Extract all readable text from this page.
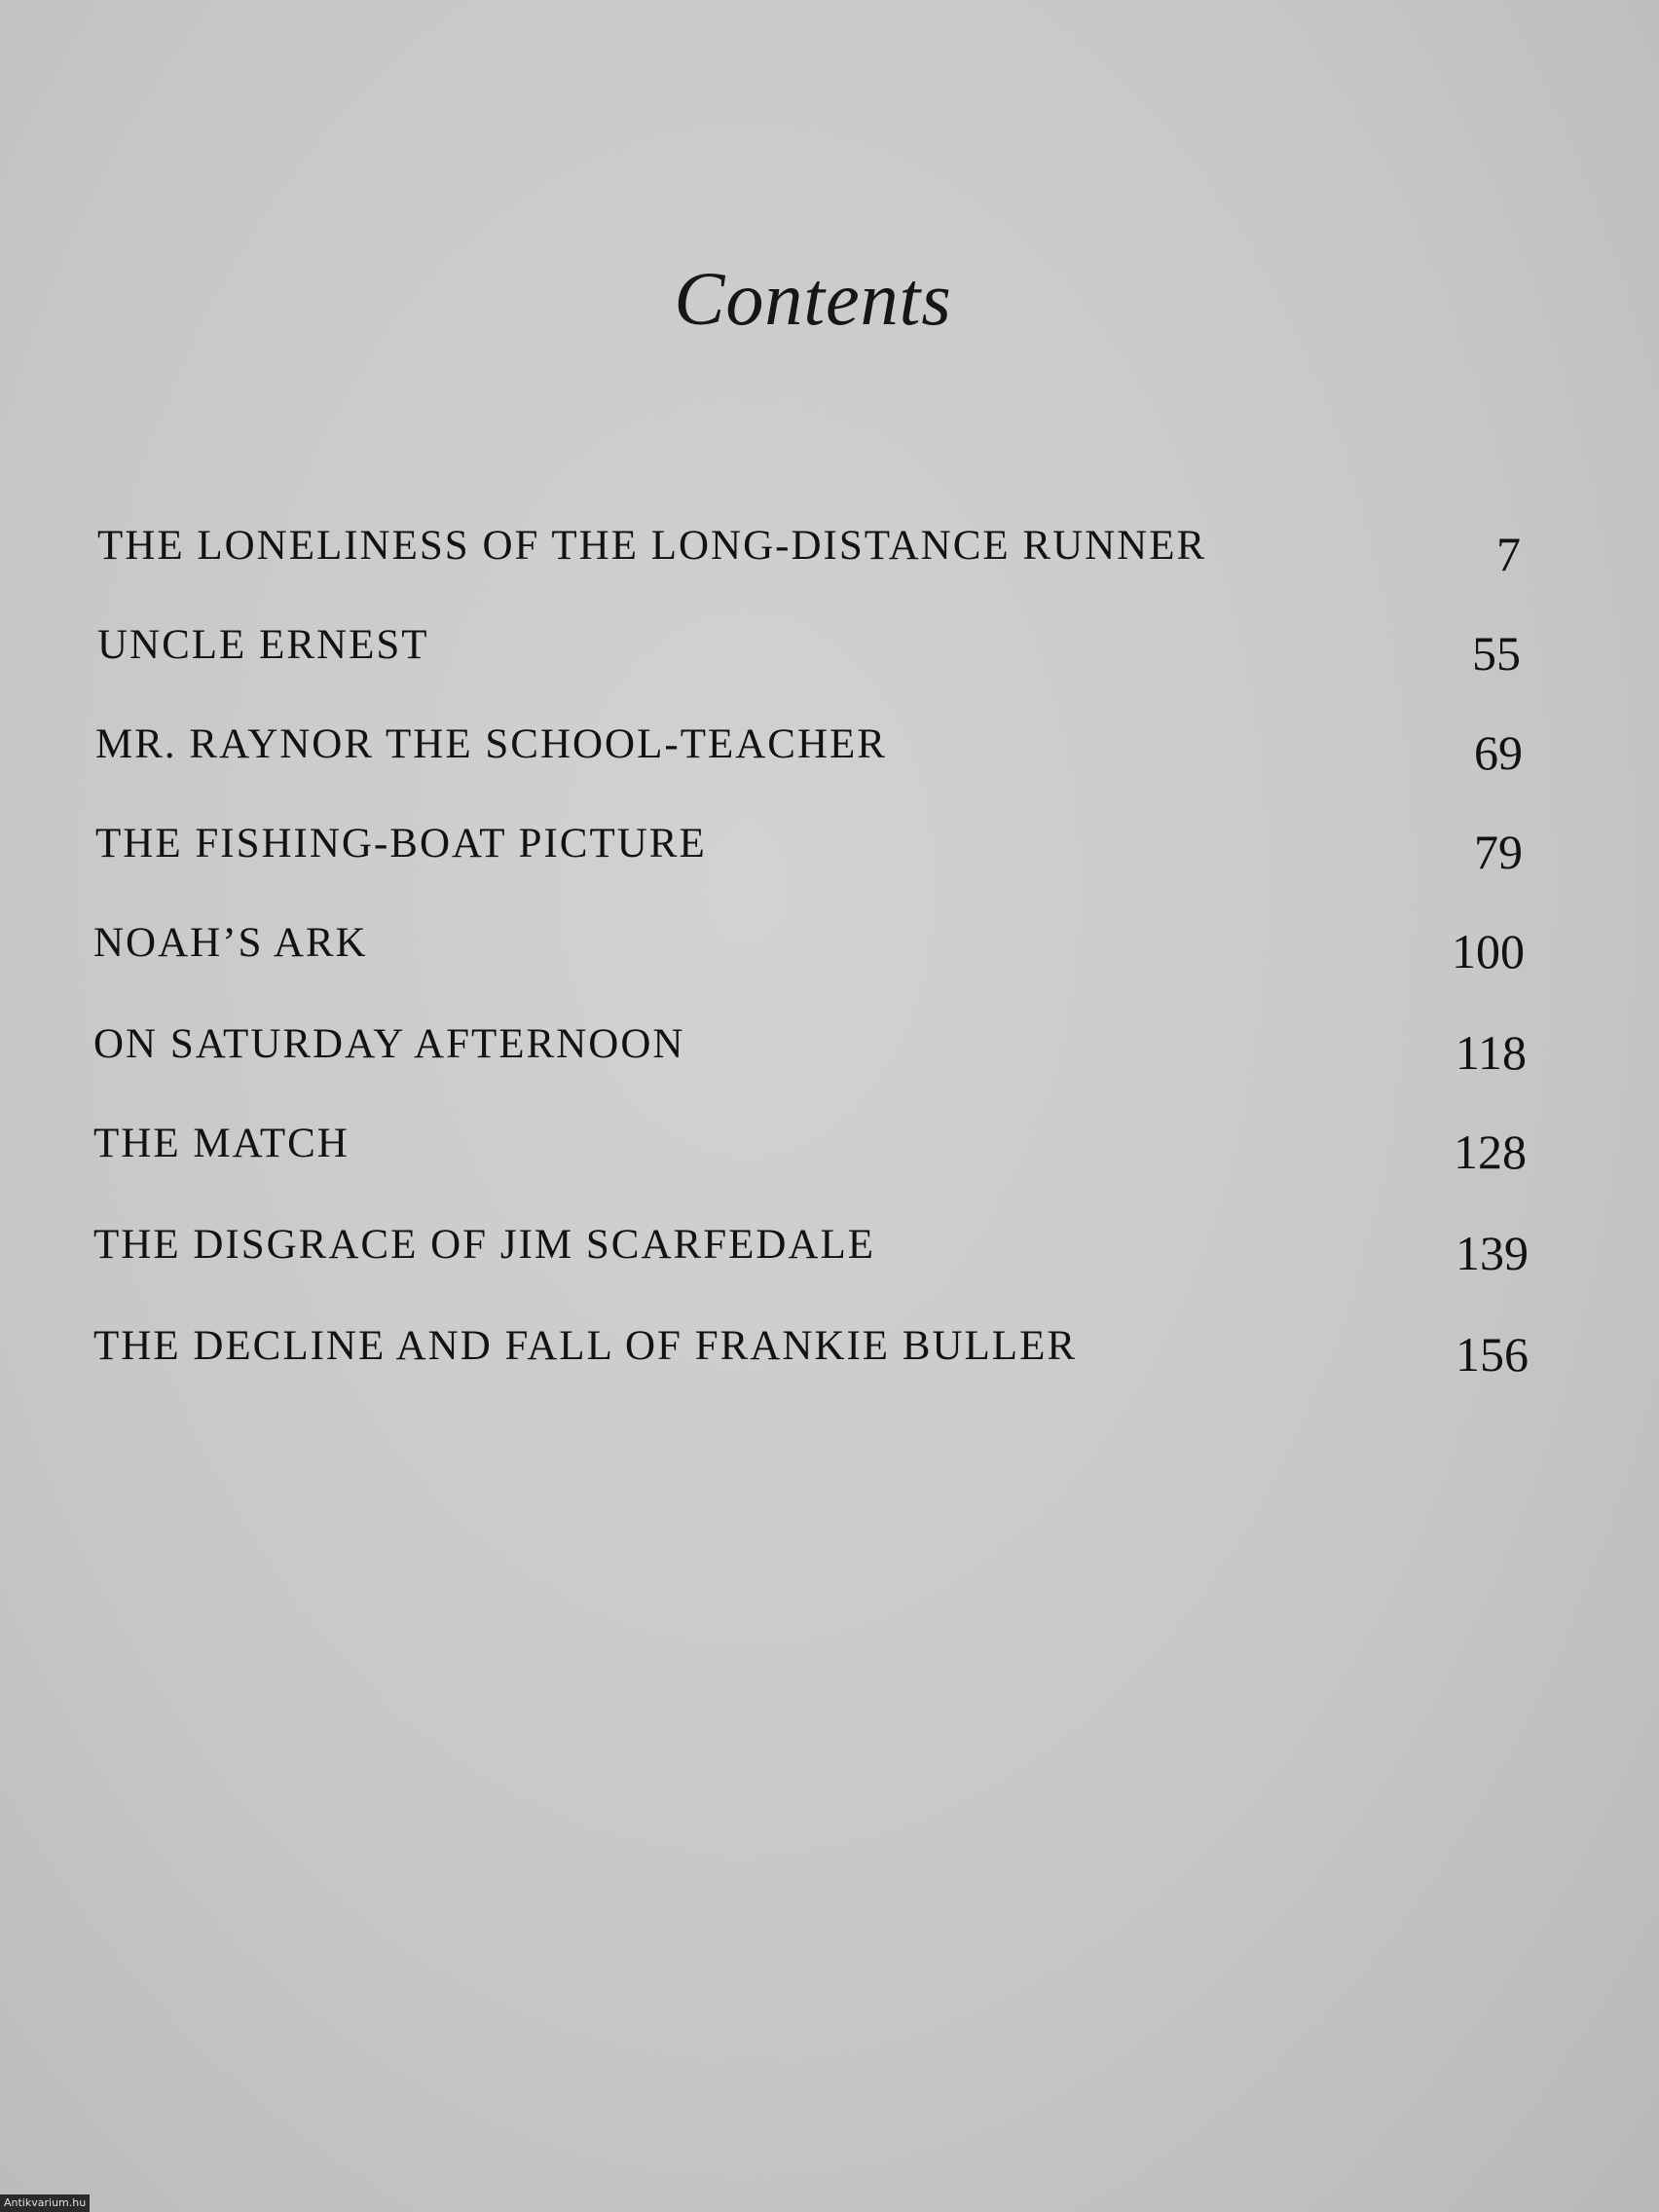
Contents
THE LONELINESS OF THE LONG-DISTANCE RUNNER	7
UNCLE ERNEST	55
MR. RAYNOR THE SCHOOL-TEACHER	69
THE FISHING-BOAT PICTURE	79
NOAH’S ARK	100
ON SATURDAY AFTERNOON	118
THE MATCH	128
THE DISGRACE OF JIM SCARFEDALE	139
THE DECLINE AND FALL OF FRANKIE BULLER	156
Antikvarium.hu
